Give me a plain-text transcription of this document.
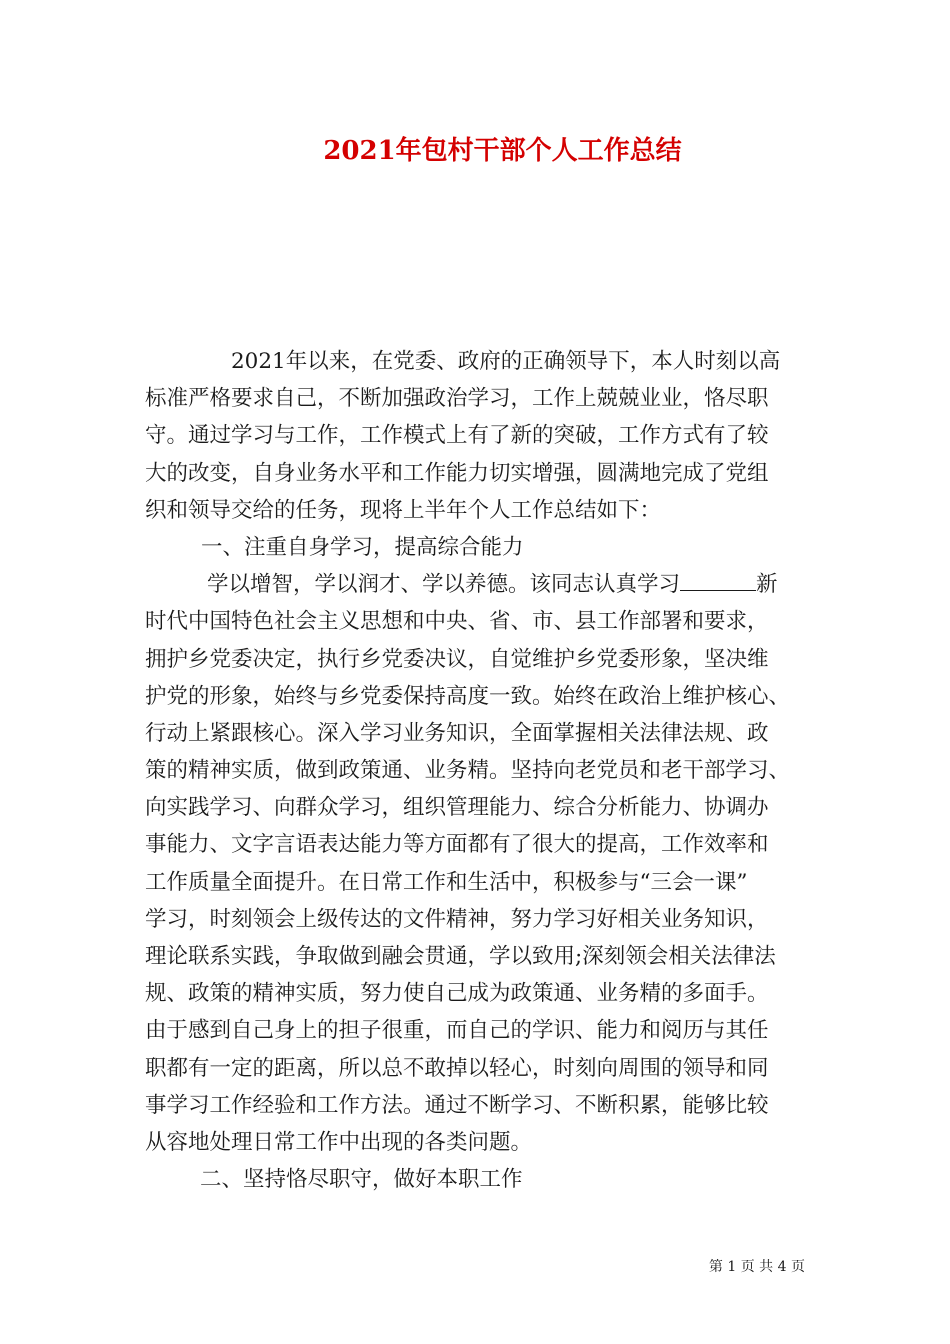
2021年包村干部个人工作总结
2021年以来，在党委、政府的正确领导下，本人时刻以高
标准严格要求自己，不断加强政治学习，工作上兢兢业业，恪尽职
守。通过学习与工作，工作模式上有了新的突破，工作方式有了较
大的改变，自身业务水平和工作能力切实增强，圆满地完成了党组
织和领导交给的任务，现将上半年个人工作总结如下：
一、注重自身学习，提高综合能力
学以增智，学以润才、学以养德。该同志认真学习	新
时代中国特色社会主义思想和中央、省、市、县工作部署和要求，
拥护乡党委决定，执行乡党委决议，自觉维护乡党委形象，坚决维
护党的形象，始终与乡党委保持高度一致。始终在政治上维护核心、
行动上紧跟核心。深入学习业务知识，全面掌握相关法律法规、政
策的精神实质，做到政策通、业务精。坚持向老党员和老干部学习、
向实践学习、向群众学习，组织管理能力、综合分析能力、协调办
事能力、文字言语表达能力等方面都有了很大的提高，工作效率和
工作质量全面提升。在日常工作和生活中，积极参与“三会一课”
学习，时刻领会上级传达的文件精神，努力学习好相关业务知识，
理论联系实践，争取做到融会贯通，学以致用;深刻领会相关法律法
规、政策的精神实质，努力使自己成为政策通、业务精的多面手。
由于感到自己身上的担子很重，而自己的学识、能力和阅历与其任
职都有一定的距离，所以总不敢掉以轻心，时刻向周围的领导和同
事学习工作经验和工作方法。通过不断学习、不断积累，能够比较
从容地处理日常工作中出现的各类问题。
二、坚持恪尽职守，做好本职工作
第 1 页 共 4 页
